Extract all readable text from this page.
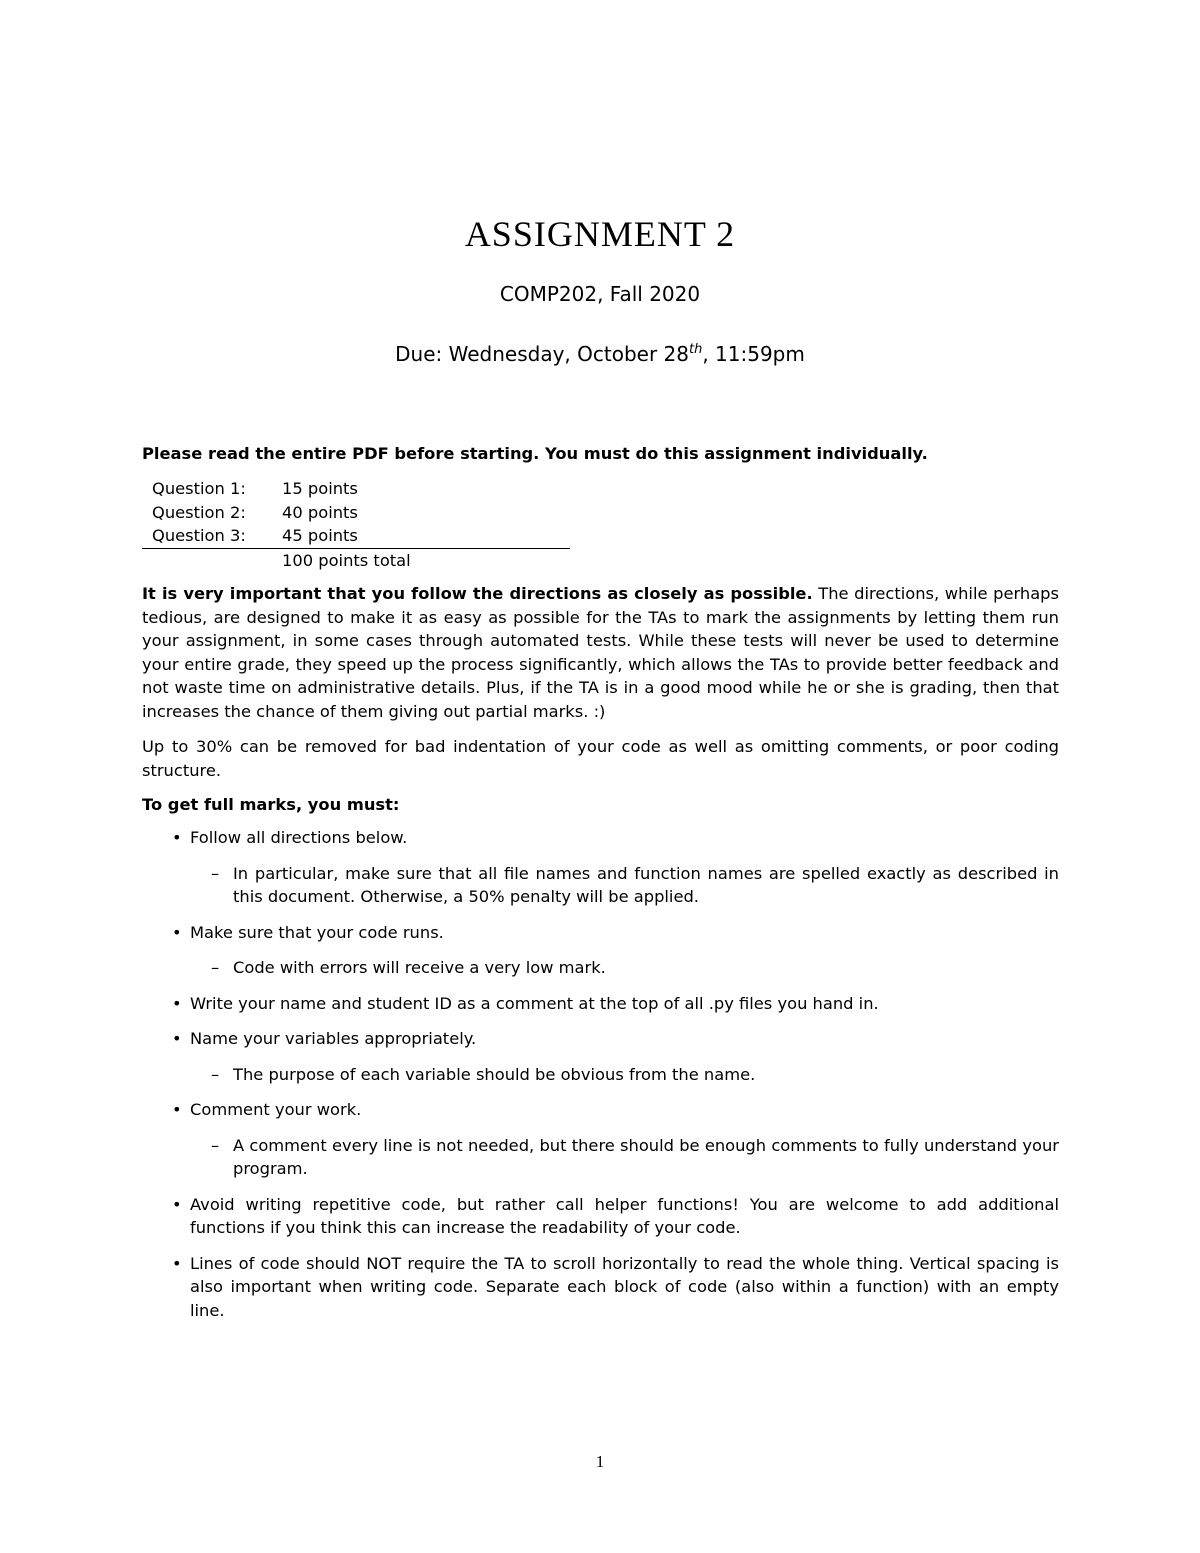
ASSIGNMENT 2
COMP202, Fall 2020
Due: Wednesday, October 28th, 11:59pm
Please read the entire PDF before starting. You must do this assignment individually.
Question 1:	15 points
Question 2:	40 points
Question 3:	45 points
	100 points total

It is very important that you follow the directions as closely as possible. The directions, while perhaps tedious, are designed to make it as easy as possible for the TAs to mark the assignments by letting them run your assignment, in some cases through automated tests. While these tests will never be used to determine your entire grade, they speed up the process significantly, which allows the TAs to provide better feedback and not waste time on administrative details. Plus, if the TA is in a good mood while he or she is grading, then that increases the chance of them giving out partial marks. :)

Up to 30% can be removed for bad indentation of your code as well as omitting comments, or poor coding structure.

To get full marks, you must:
• Follow all directions below.
– In particular, make sure that all file names and function names are spelled exactly as described in this document. Otherwise, a 50% penalty will be applied.
• Make sure that your code runs.
– Code with errors will receive a very low mark.
• Write your name and student ID as a comment at the top of all .py files you hand in.
• Name your variables appropriately.
– The purpose of each variable should be obvious from the name.
• Comment your work.
– A comment every line is not needed, but there should be enough comments to fully understand your program.
• Avoid writing repetitive code, but rather call helper functions! You are welcome to add additional functions if you think this can increase the readability of your code.
• Lines of code should NOT require the TA to scroll horizontally to read the whole thing. Vertical spacing is also important when writing code. Separate each block of code (also within a function) with an empty line.
1
